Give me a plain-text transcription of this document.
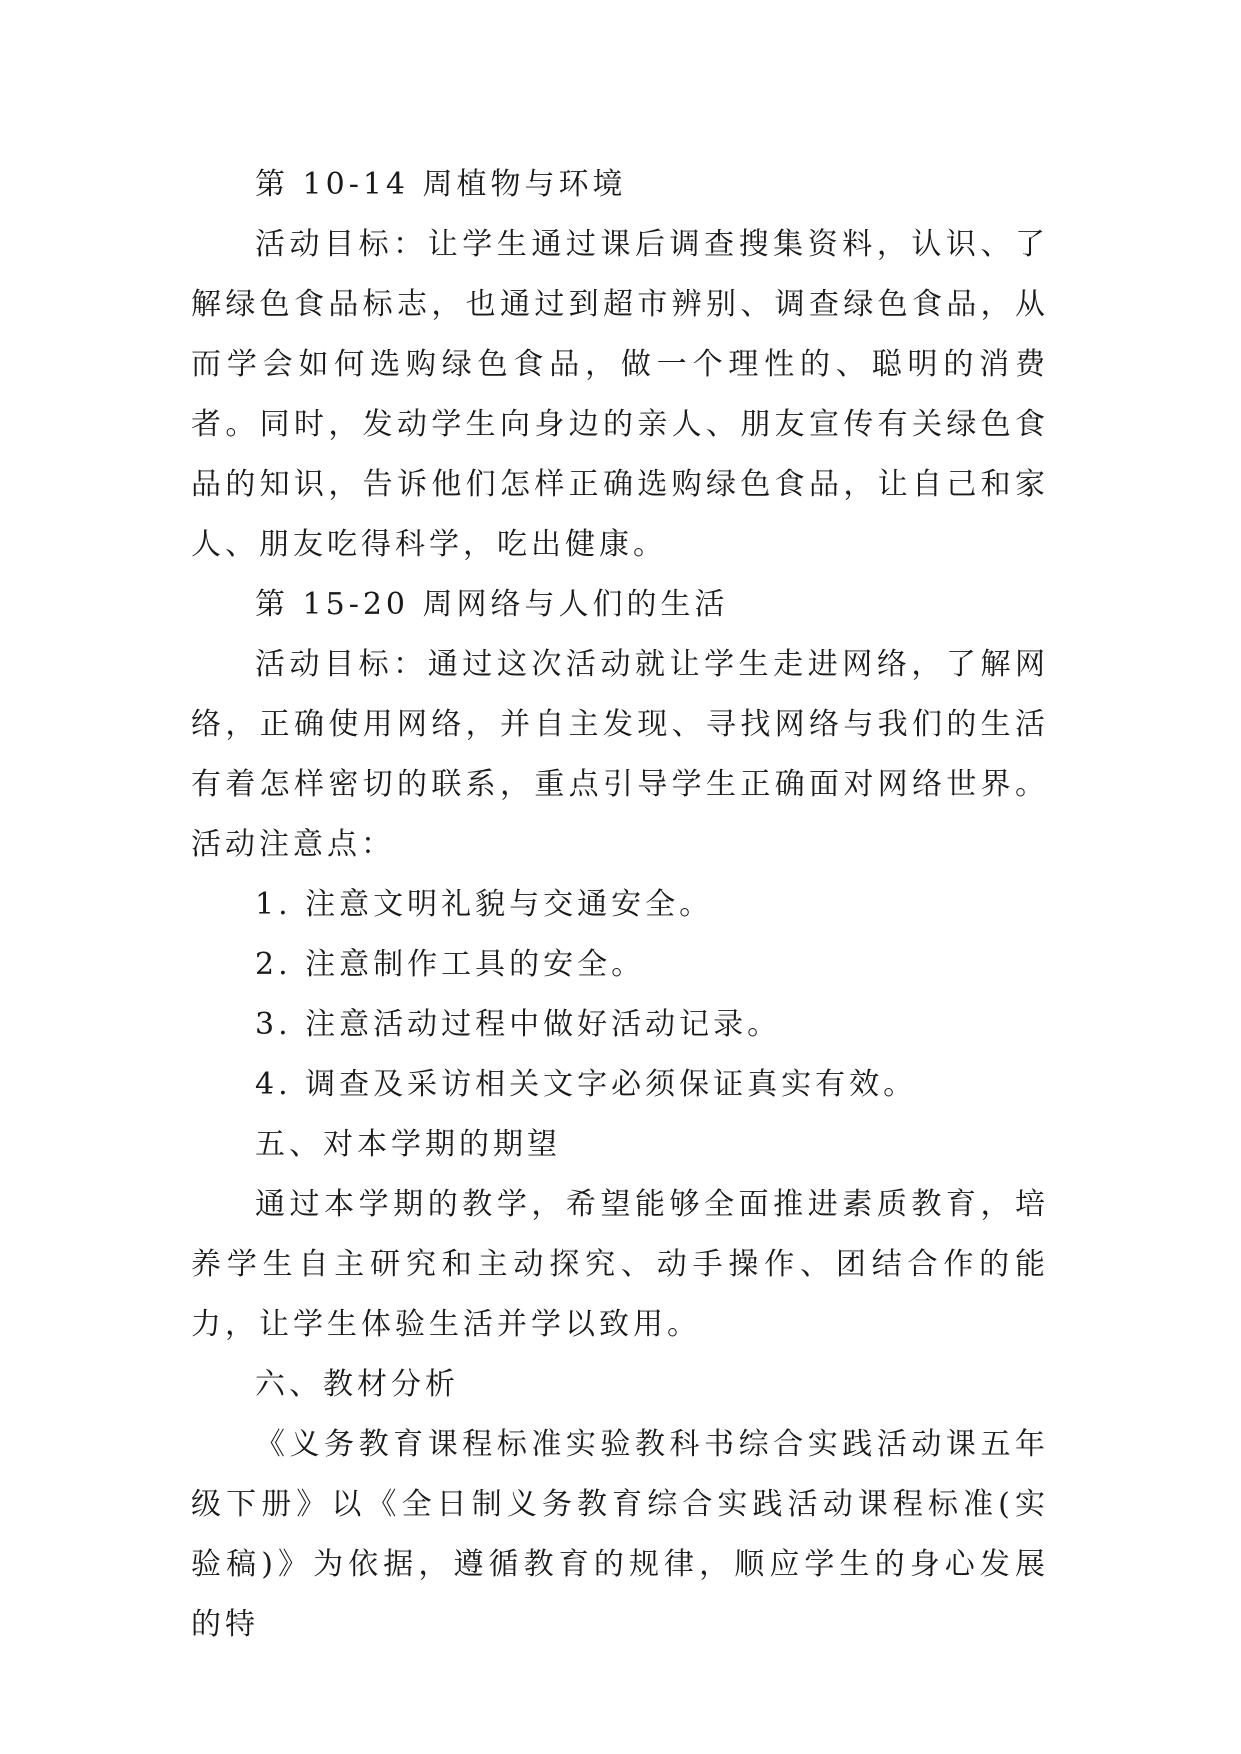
第 10-14 周植物与环境

活动目标：让学生通过课后调查搜集资料，认识、了解绿色食品标志，也通过到超市辨别、调查绿色食品，从而学会如何选购绿色食品，做一个理性的、聪明的消费者。同时，发动学生向身边的亲人、朋友宣传有关绿色食品的知识，告诉他们怎样正确选购绿色食品，让自己和家人、朋友吃得科学，吃出健康。

第 15-20 周网络与人们的生活

活动目标：通过这次活动就让学生走进网络，了解网络，正确使用网络，并自主发现、寻找网络与我们的生活有着怎样密切的联系，重点引导学生正确面对网络世界。活动注意点：

1. 注意文明礼貌与交通安全。

2. 注意制作工具的安全。

3. 注意活动过程中做好活动记录。

4. 调查及采访相关文字必须保证真实有效。

五、对本学期的期望

通过本学期的教学，希望能够全面推进素质教育，培养学生自主研究和主动探究、动手操作、团结合作的能力，让学生体验生活并学以致用。

六、教材分析

《义务教育课程标准实验教科书综合实践活动课五年级下册》以《全日制义务教育综合实践活动课程标准(实验稿)》为依据，遵循教育的规律，顺应学生的身心发展的特
